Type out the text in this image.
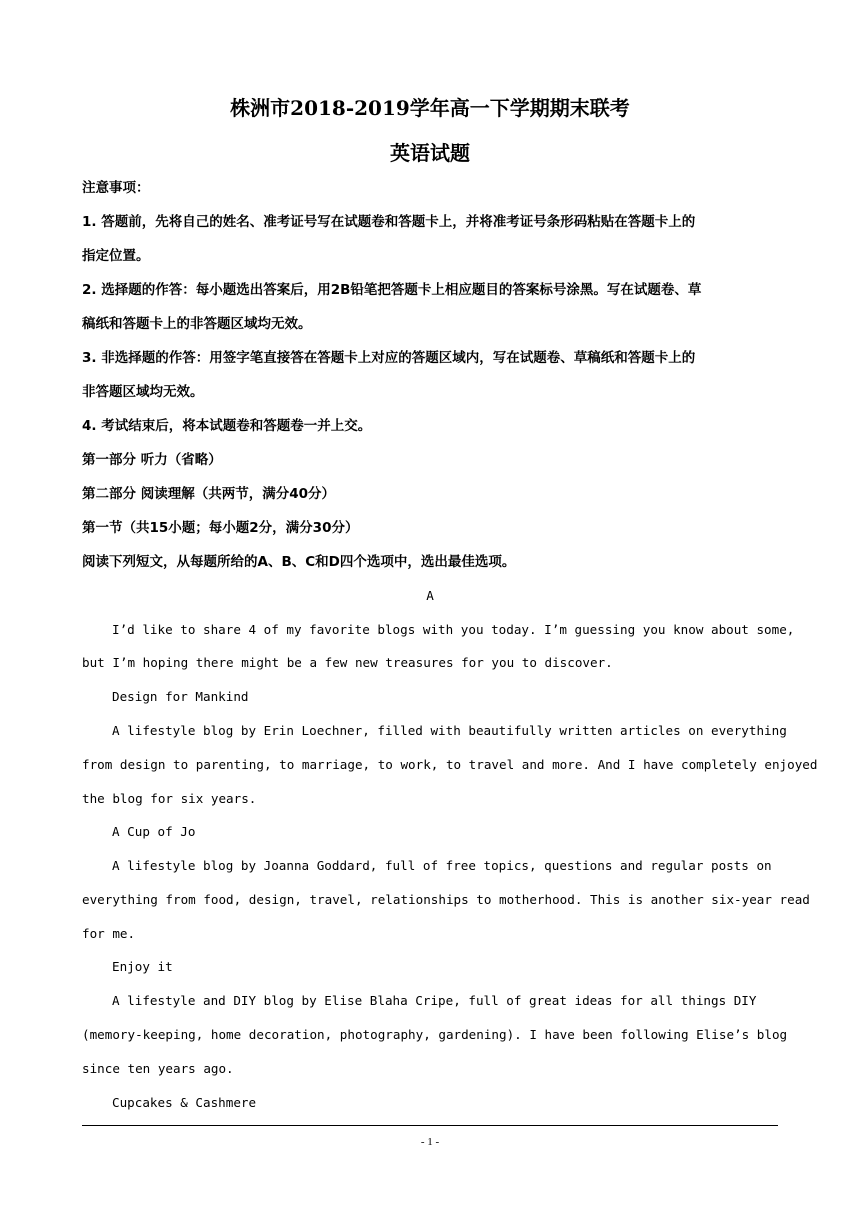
株洲市2018-2019学年高一下学期期末联考
英语试题
注意事项：
1. 答题前，先将自己的姓名、准考证号写在试题卷和答题卡上，并将准考证号条形码粘贴在答题卡上的
指定位置。
2. 选择题的作答：每小题选出答案后，用2B铅笔把答题卡上相应题目的答案标号涂黑。写在试题卷、草
稿纸和答题卡上的非答题区域均无效。
3. 非选择题的作答：用签字笔直接答在答题卡上对应的答题区域内，写在试题卷、草稿纸和答题卡上的
非答题区域均无效。
4. 考试结束后，将本试题卷和答题卷一并上交。
第一部分 听力（省略）
第二部分 阅读理解（共两节，满分40分）
第一节（共15小题；每小题2分，满分30分）
阅读下列短文，从每题所给的A、B、C和D四个选项中，选出最佳选项。
A
I’d like to share 4 of my favorite blogs with you today. I’m guessing you know about some,
but I’m hoping there might be a few new treasures for you to discover.
Design for Mankind
A lifestyle blog by Erin Loechner, filled with beautifully written articles on everything
from design to parenting, to marriage, to work, to travel and more. And I have completely enjoyed
the blog for six years.
A Cup of Jo
A lifestyle blog by Joanna Goddard, full of free topics, questions and regular posts on
everything from food, design, travel, relationships to motherhood. This is another six-year read
for me.
Enjoy it
A lifestyle and DIY blog by Elise Blaha Cripe, full of great ideas for all things DIY
(memory-keeping, home decoration, photography, gardening). I have been following Elise’s blog
since ten years ago.
Cupcakes & Cashmere
- 1 -
